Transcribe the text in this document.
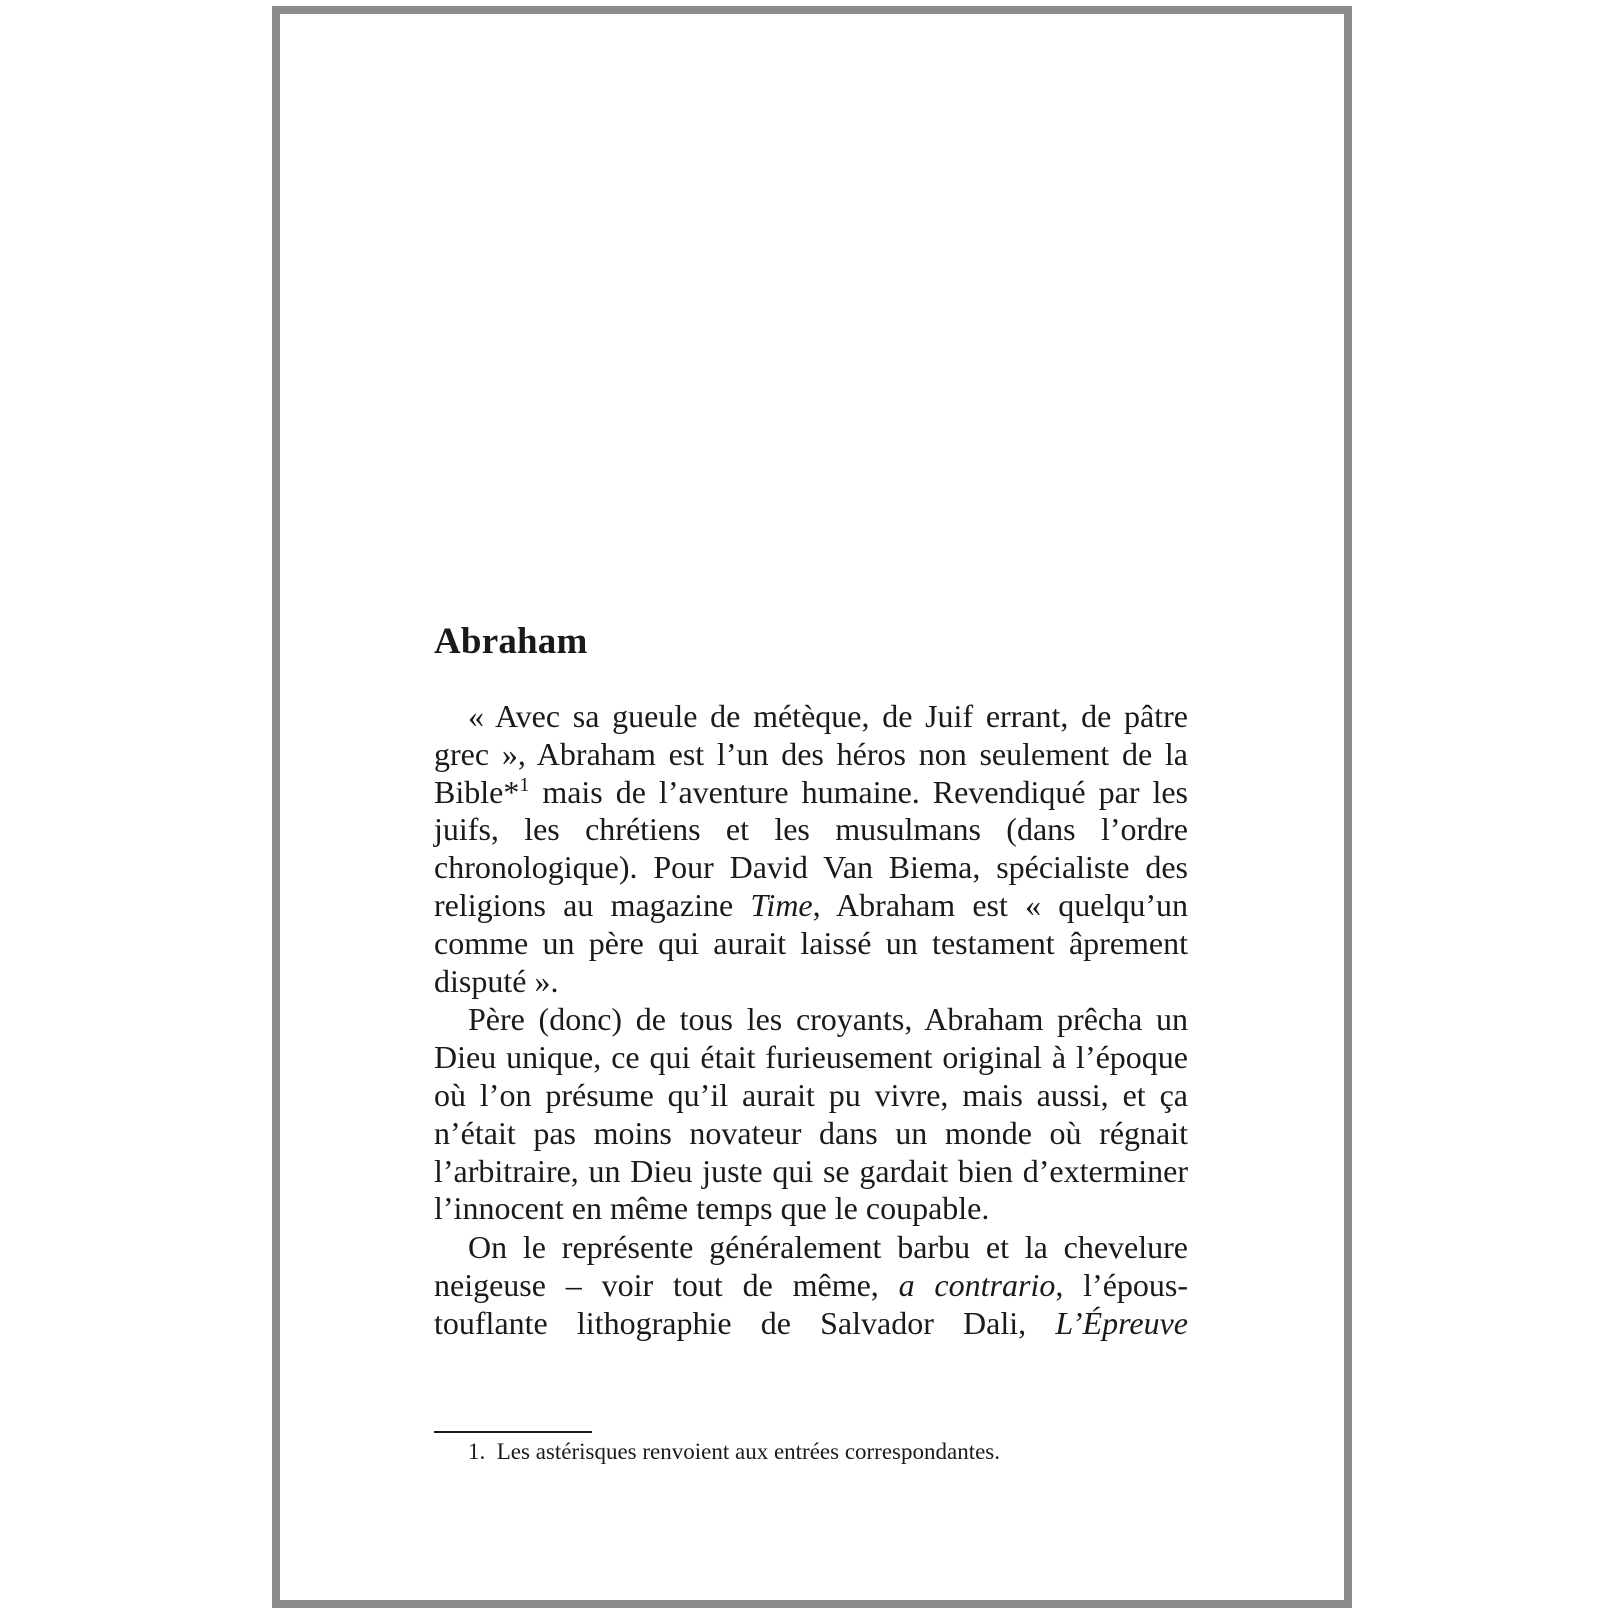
Abraham

« Avec sa gueule de métèque, de Juif errant, de pâtre grec », Abraham est l’un des héros non seulement de la Bible*$^1$ mais de l’aventure humaine. Revendiqué par les juifs, les chrétiens et les musulmans (dans l’ordre chronologique). Pour David Van Biema, spécialiste des religions au magazine Time, Abraham est « quelqu’un comme un père qui aurait laissé un testament âprement disputé ».

Père (donc) de tous les croyants, Abraham prêcha un Dieu unique, ce qui était furieusement original à l’époque où l’on présume qu’il aurait pu vivre, mais aussi, et ça n’était pas moins novateur dans un monde où régnait l’arbitraire, un Dieu juste qui se gardait bien d’exterminer l’innocent en même temps que le coupable.

On le représente généralement barbu et la chevelure neigeuse – voir tout de même, a contrario, l’époustouflante lithographie de Salvador Dali, L’Épreuve

1. Les astérisques renvoient aux entrées correspondantes.
